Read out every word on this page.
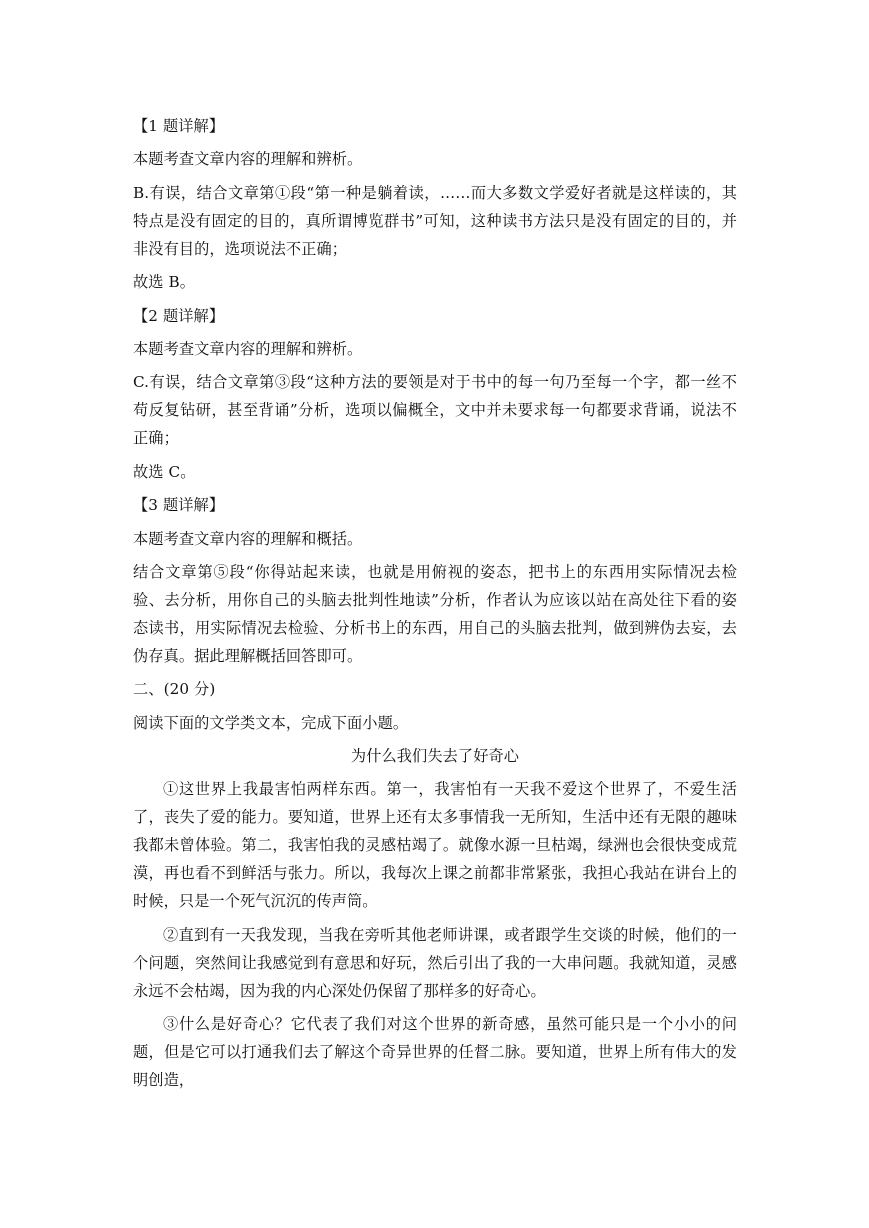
【1 题详解】

本题考查文章内容的理解和辨析。

B.有误，结合文章第①段“第一种是躺着读，……而大多数文学爱好者就是这样读的，其特点是没有固定的目的，真所谓博览群书”可知，这种读书方法只是没有固定的目的，并非没有目的，选项说法不正确；

故选 B。

【2 题详解】

本题考查文章内容的理解和辨析。

C.有误，结合文章第③段“这种方法的要领是对于书中的每一句乃至每一个字，都一丝不苟反复钻研，甚至背诵”分析，选项以偏概全，文中并未要求每一句都要求背诵，说法不正确；

故选 C。

【3 题详解】

本题考查文章内容的理解和概括。

结合文章第⑤段“你得站起来读，也就是用俯视的姿态，把书上的东西用实际情况去检验、去分析，用你自己的头脑去批判性地读”分析，作者认为应该以站在高处往下看的姿态读书，用实际情况去检验、分析书上的东西，用自己的头脑去批判，做到辨伪去妄，去伪存真。据此理解概括回答即可。

二、(20 分)

阅读下面的文学类文本，完成下面小题。

为什么我们失去了好奇心

①这世界上我最害怕两样东西。第一，我害怕有一天我不爱这个世界了，不爱生活了，丧失了爱的能力。要知道，世界上还有太多事情我一无所知，生活中还有无限的趣味我都未曾体验。第二，我害怕我的灵感枯竭了。就像水源一旦枯竭，绿洲也会很快变成荒漠，再也看不到鲜活与张力。所以，我每次上课之前都非常紧张，我担心我站在讲台上的时候，只是一个死气沉沉的传声筒。

②直到有一天我发现，当我在旁听其他老师讲课，或者跟学生交谈的时候，他们的一个问题，突然间让我感觉到有意思和好玩，然后引出了我的一大串问题。我就知道，灵感永远不会枯竭，因为我的内心深处仍保留了那样多的好奇心。

③什么是好奇心？它代表了我们对这个世界的新奇感，虽然可能只是一个小小的问题，但是它可以打通我们去了解这个奇异世界的任督二脉。要知道，世界上所有伟大的发明创造，
